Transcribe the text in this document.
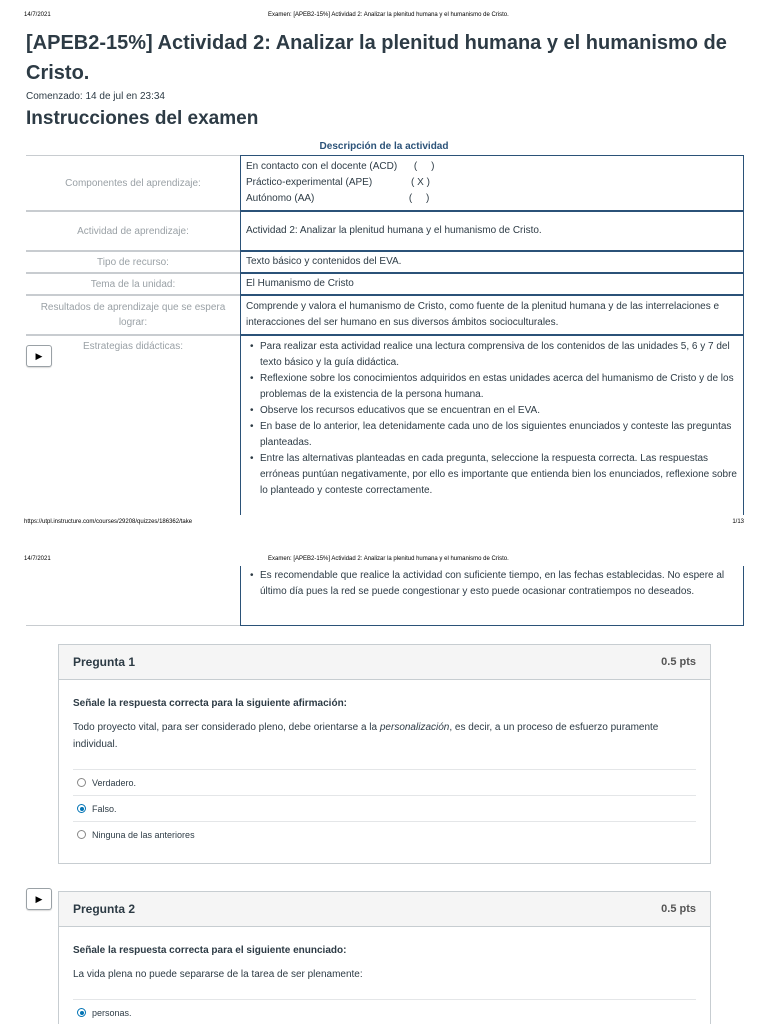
14/7/2021	Examen: [APEB2-15%] Actividad 2: Analizar la plenitud humana y el humanismo de Cristo.
[APEB2-15%] Actividad 2: Analizar la plenitud humana y el humanismo de Cristo.
Comenzado: 14 de jul en 23:34
Instrucciones del examen
Descripción de la actividad
Componentes del aprendizaje:
En contacto con el docente (ACD)      (     )
Práctico-experimental (APE)              ( X )
Autónomo (AA)                                  (     )
Actividad de aprendizaje:	Actividad 2: Analizar la plenitud humana y el humanismo de Cristo.
Tipo de recurso:	Texto básico y contenidos del EVA.
Tema de la unidad:	El Humanismo de Cristo
Resultados de aprendizaje que se espera lograr:
Comprende y valora el humanismo de Cristo, como fuente de la plenitud humana y de las interrelaciones e interacciones del ser humano en sus diversos ámbitos socioculturales.
Estrategias didácticas:
•	Para realizar esta actividad realice una lectura comprensiva de los contenidos de las unidades 5, 6 y 7 del texto básico y la guía didáctica.
• Reflexione sobre los conocimientos adquiridos en estas unidades acerca del humanismo de Cristo y de los problemas de la existencia de la persona humana.
• Observe los recursos educativos que se encuentran en el EVA.
• En base de lo anterior, lea detenidamente cada uno de los siguientes enunciados y conteste las preguntas planteadas.
• Entre las alternativas planteadas en cada pregunta, seleccione la respuesta correcta. Las respuestas erróneas puntúan negativamente, por ello es importante que entienda bien los enunciados, reflexione sobre lo planteado y conteste correctamente.
▶
https://utpl.instructure.com/courses/29208/quizzes/186362/take	1/13
14/7/2021	Examen: [APEB2-15%] Actividad 2: Analizar la plenitud humana y el humanismo de Cristo.
• Es recomendable que realice la actividad con suficiente tiempo, en las fechas establecidas. No espere al último día pues la red se puede congestionar y esto puede ocasionar contratiempos no deseados.
Pregunta 1	0.5 pts
Señale la respuesta correcta para la siguiente afirmación:
Todo proyecto vital, para ser considerado pleno, debe orientarse a la personalización, es decir, a un proceso de esfuerzo puramente individual.
Verdadero.
Falso.
Ninguna de las anteriores
▶
Pregunta 2	0.5 pts
Señale la respuesta correcta para el siguiente enunciado:
La vida plena no puede separarse de la tarea de ser plenamente:
personas.
